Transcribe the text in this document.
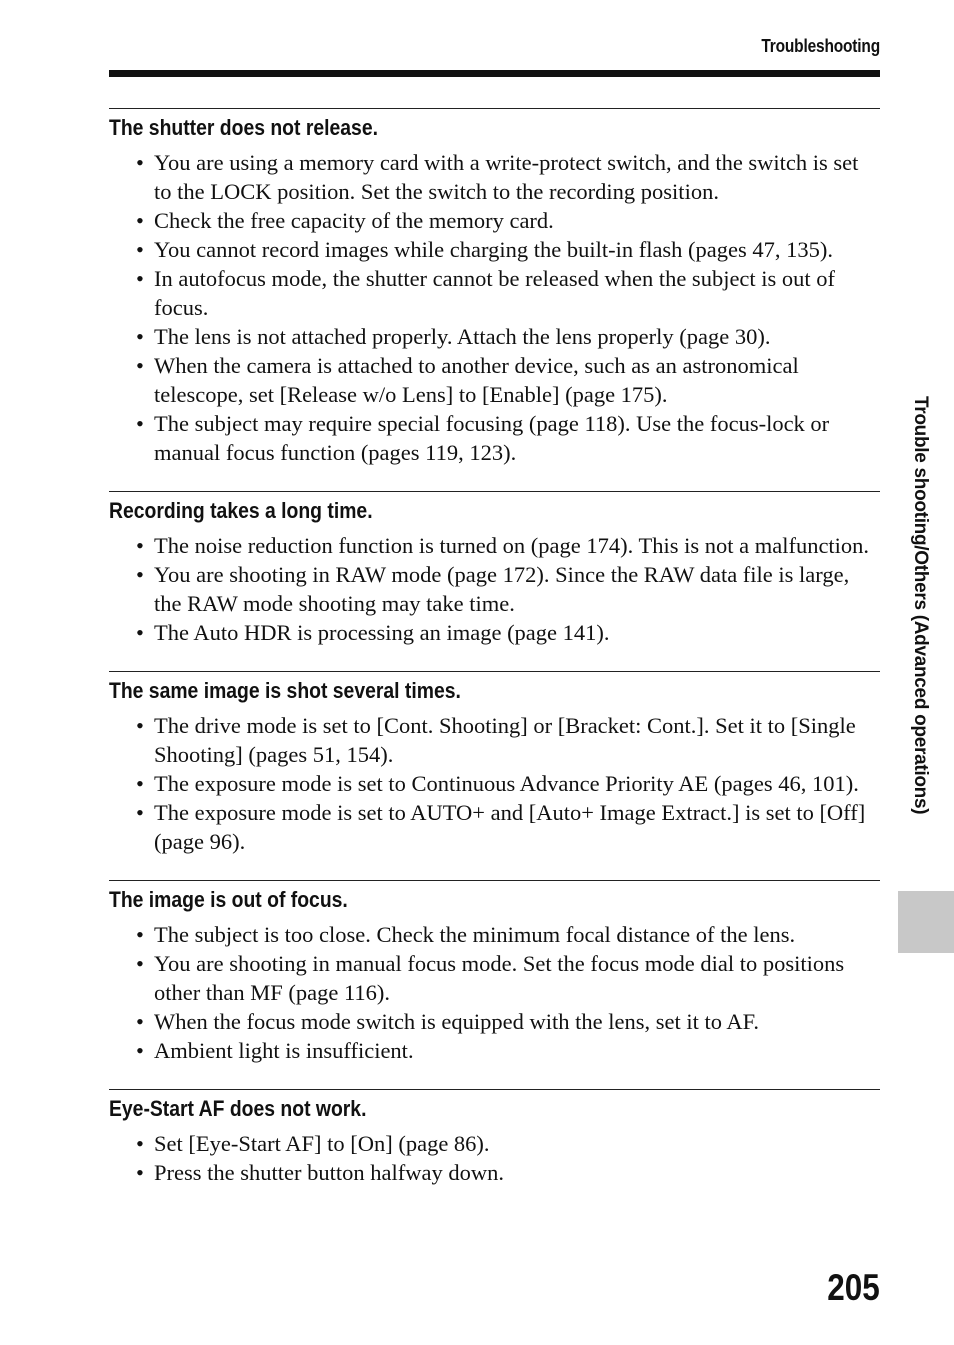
Troubleshooting
The shutter does not release.
• You are using a memory card with a write-protect switch, and the switch is set to the LOCK position. Set the switch to the recording position.
• Check the free capacity of the memory card.
• You cannot record images while charging the built-in flash (pages 47, 135).
• In autofocus mode, the shutter cannot be released when the subject is out of focus.
• The lens is not attached properly. Attach the lens properly (page 30).
• When the camera is attached to another device, such as an astronomical telescope, set [Release w/o Lens] to [Enable] (page 175).
• The subject may require special focusing (page 118). Use the focus-lock or manual focus function (pages 119, 123).
Recording takes a long time.
• The noise reduction function is turned on (page 174). This is not a malfunction.
• You are shooting in RAW mode (page 172). Since the RAW data file is large, the RAW mode shooting may take time.
• The Auto HDR is processing an image (page 141).
The same image is shot several times.
• The drive mode is set to [Cont. Shooting] or [Bracket: Cont.]. Set it to [Single Shooting] (pages 51, 154).
• The exposure mode is set to Continuous Advance Priority AE (pages 46, 101).
• The exposure mode is set to AUTO+ and [Auto+ Image Extract.] is set to [Off] (page 96).
The image is out of focus.
• The subject is too close. Check the minimum focal distance of the lens.
• You are shooting in manual focus mode. Set the focus mode dial to positions other than MF (page 116).
• When the focus mode switch is equipped with the lens, set it to AF.
• Ambient light is insufficient.
Eye-Start AF does not work.
• Set [Eye-Start AF] to [On] (page 86).
• Press the shutter button halfway down.
Trouble shooting/Others (Advanced operations)
205
